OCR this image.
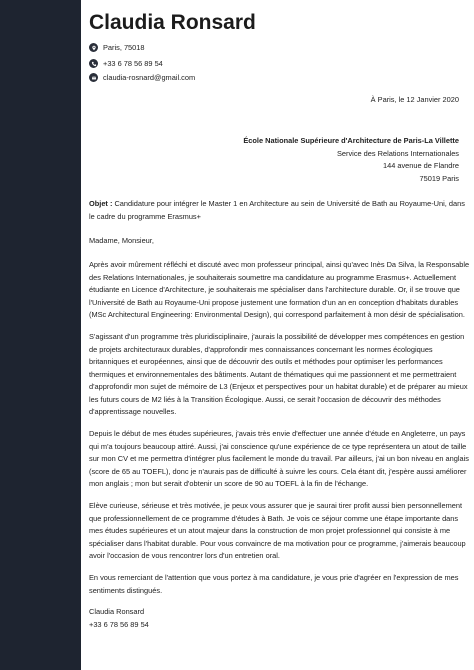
Claudia Ronsard
Paris, 75018
+33 6 78 56 89 54
claudia-rosnard@gmail.com
À Paris, le 12 Janvier 2020
École Nationale Supérieure d'Architecture de Paris-La Villette
Service des Relations Internationales
144 avenue de Flandre
75019 Paris
Objet : Candidature pour intégrer le Master 1 en Architecture au sein de Université de Bath au Royaume-Uni, dans
le cadre du programme Erasmus+
Madame, Monsieur,
Après avoir mûrement réfléchi et discuté avec mon professeur principal, ainsi qu'avec Inès Da Silva, la Responsable
des Relations Internationales, je souhaiterais soumettre ma candidature au programme Erasmus+. Actuellement
étudiante en Licence d'Architecture, je souhaiterais me spécialiser dans l'architecture durable. Or, il se trouve que
l'Université de Bath au Royaume-Uni propose justement une formation d'un an en conception d'habitats durables
(MSc Architectural Engineering: Environmental Design), qui correspond parfaitement à mon désir de spécialisation.
S'agissant d'un programme très pluridisciplinaire, j'aurais la possibilité de développer mes compétences en gestion
de projets architecturaux durables, d'approfondir mes connaissances concernant les normes écologiques
britanniques et européennes, ainsi que de découvrir des outils et méthodes pour optimiser les performances
thermiques et environnementales des bâtiments. Autant de thématiques qui me passionnent et me permettraient
d'approfondir mon sujet de mémoire de L3 (Enjeux et perspectives pour un habitat durable) et de préparer au mieux
les futurs cours de M2 liés à la Transition Écologique. Aussi, ce serait l'occasion de découvrir des méthodes
d'apprentissage nouvelles.
Depuis le début de mes études supérieures, j'avais très envie d'effectuer une année d'étude en Angleterre, un pays
qui m'a toujours beaucoup attiré. Aussi, j'ai conscience qu'une expérience de ce type représentera un atout de taille
sur mon CV et me permettra d'intégrer plus facilement le monde du travail. Par ailleurs, j'ai un bon niveau en anglais
(score de 65 au TOEFL), donc je n'aurais pas de difficulté à suivre les cours. Cela étant dit, j'espère aussi améliorer
mon anglais ; mon but serait d'obtenir un score de 90 au TOEFL à la fin de l'échange.
Elève curieuse, sérieuse et très motivée, je peux vous assurer que je saurai tirer profit aussi bien personnellement
que professionnellement de ce programme d'études à Bath. Je vois ce séjour comme une étape importante dans
mes études supérieures et un atout majeur dans la construction de mon projet professionnel qui consiste à me
spécialiser dans l'habitat durable. Pour vous convaincre de ma motivation pour ce programme, j'aimerais beaucoup
avoir l'occasion de vous rencontrer lors d'un entretien oral.
En vous remerciant de l'attention que vous portez à ma candidature, je vous prie d'agréer en l'expression de mes
sentiments distingués.
Claudia Ronsard
+33 6 78 56 89 54
